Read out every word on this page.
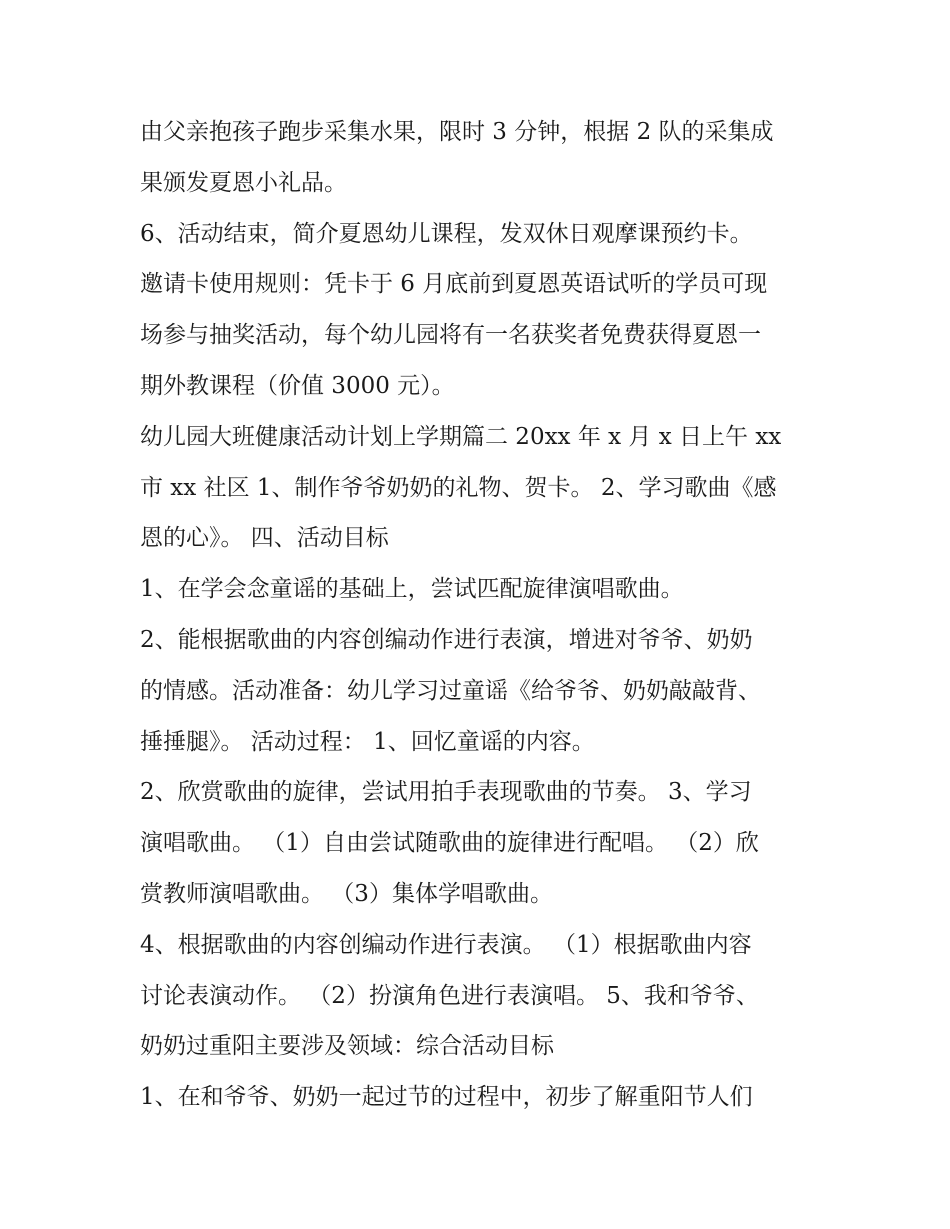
由父亲抱孩子跑步采集水果，限时 3 分钟，根据 2 队的采集成
果颁发夏恩小礼品。
6、活动结束，简介夏恩幼儿课程，发双休日观摩课预约卡。
邀请卡使用规则：凭卡于 6 月底前到夏恩英语试听的学员可现
场参与抽奖活动，每个幼儿园将有一名获奖者免费获得夏恩一
期外教课程（价值 3000 元）。
幼儿园大班健康活动计划上学期篇二 20xx 年 x 月 x 日上午 xx
市 xx 社区 1、制作爷爷奶奶的礼物、贺卡。 2、学习歌曲《感
恩的心》。 四、活动目标
1、在学会念童谣的基础上，尝试匹配旋律演唱歌曲。
2、能根据歌曲的内容创编动作进行表演，增进对爷爷、奶奶
的情感。活动准备：幼儿学习过童谣《给爷爷、奶奶敲敲背、
捶捶腿》。 活动过程： 1、回忆童谣的内容。
2、欣赏歌曲的旋律，尝试用拍手表现歌曲的节奏。 3、学习
演唱歌曲。 （1）自由尝试随歌曲的旋律进行配唱。 （2）欣
赏教师演唱歌曲。 （3）集体学唱歌曲。
4、根据歌曲的内容创编动作进行表演。 （1）根据歌曲内容
讨论表演动作。 （2）扮演角色进行表演唱。 5、我和爷爷、
奶奶过重阳主要涉及领域：综合活动目标
1、在和爷爷、奶奶一起过节的过程中，初步了解重阳节人们
